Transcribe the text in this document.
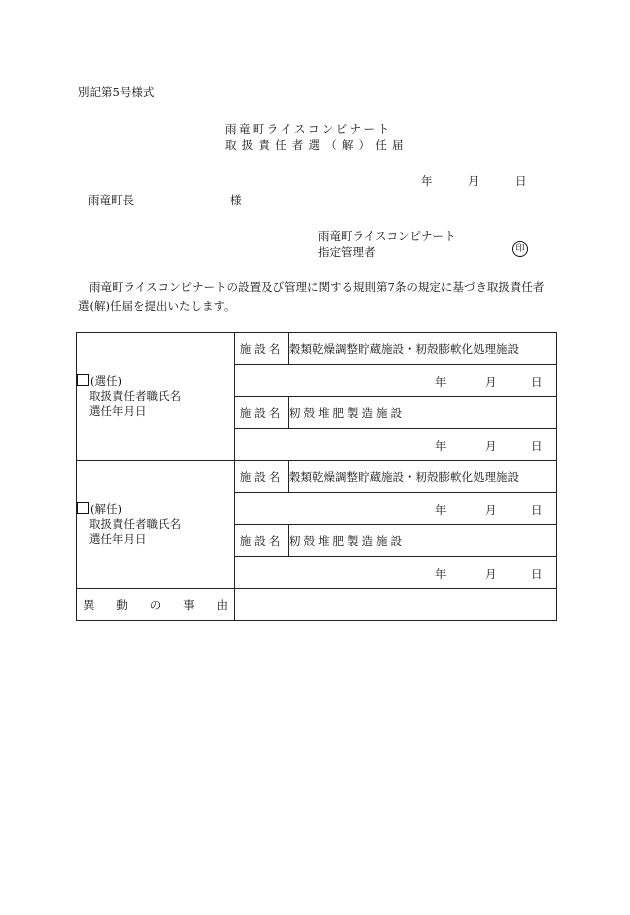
別記第5号様式
雨竜町ライスコンピナート
取扱責任者選（解）任届
年	月	日
雨竜町長	様
雨竜町ライスコンピナート
指定管理者	印
雨竜町ライスコンピナートの設置及び管理に関する規則第7条の規定に基づき取扱責任者選(解)任届を提出いたします。
(選任)
取扱責任者職氏名
選任年月日	施設名	穀類乾燥調整貯蔵施設・籾殻膨軟化処理施設

	年 月 日	

	施設名	籾殻堆肥製造施設

	年 月 日	

(解任)
取扱責任者職氏名
選任年月日	施設名	穀類乾燥調整貯蔵施設・籾殻膨軟化処理施設

	年 月 日	

	施設名	籾殻堆肥製造施設

	年 月 日	

異 動 の 事 由		
